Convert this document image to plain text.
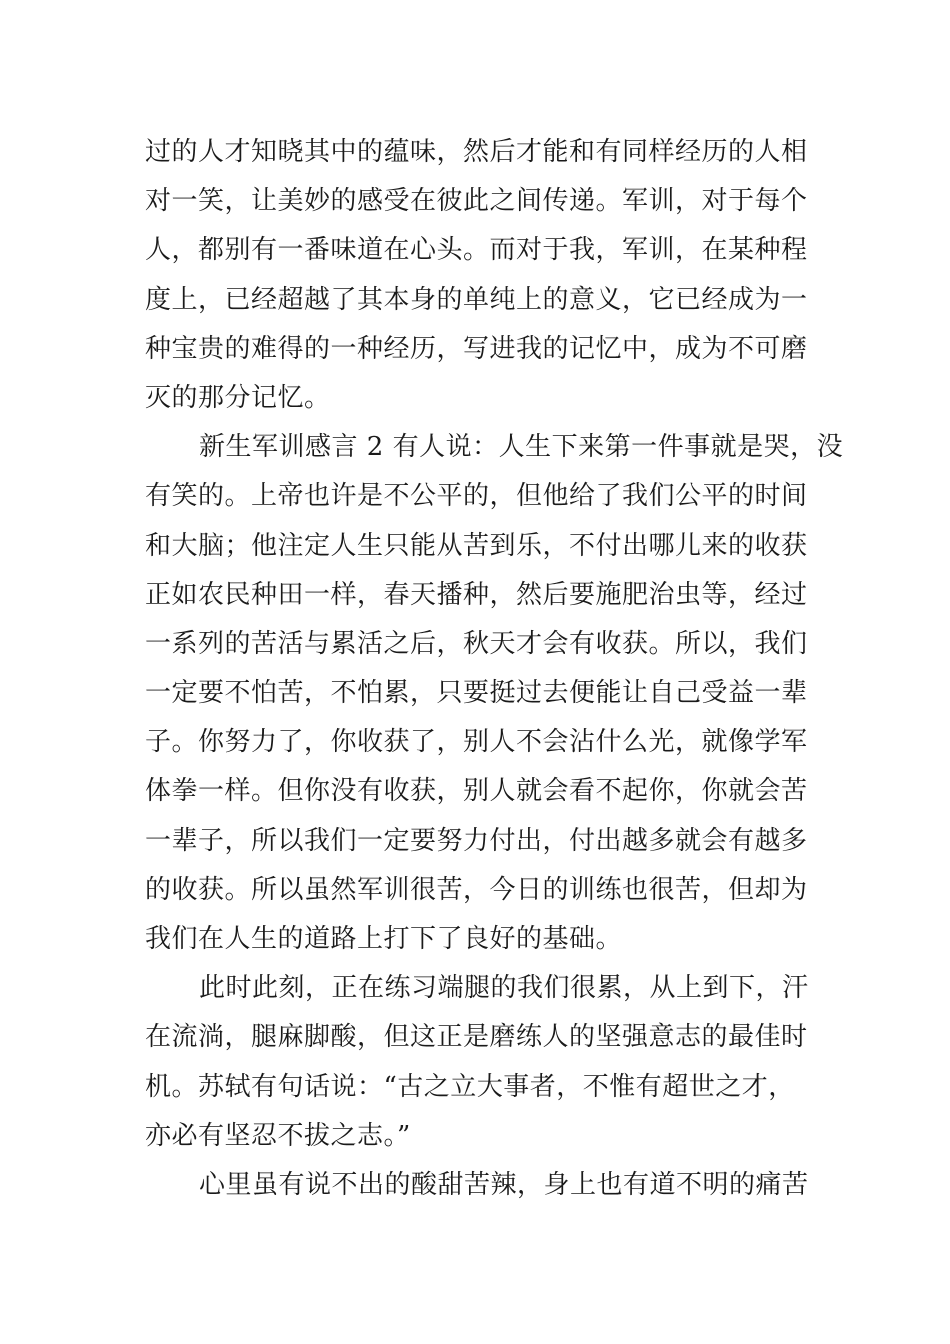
过的人才知晓其中的蕴味，然后才能和有同样经历的人相
对一笑，让美妙的感受在彼此之间传递。军训，对于每个
人，都别有一番味道在心头。而对于我，军训，在某种程
度上，已经超越了其本身的单纯上的意义，它已经成为一
种宝贵的难得的一种经历，写进我的记忆中，成为不可磨
灭的那分记忆。
新生军训感言 2 有人说：人生下来第一件事就是哭，没
有笑的。上帝也许是不公平的，但他给了我们公平的时间
和大脑；他注定人生只能从苦到乐，不付出哪儿来的收获
正如农民种田一样，春天播种，然后要施肥治虫等，经过
一系列的苦活与累活之后，秋天才会有收获。所以，我们
一定要不怕苦，不怕累，只要挺过去便能让自己受益一辈
子。你努力了，你收获了，别人不会沾什么光，就像学军
体拳一样。但你没有收获，别人就会看不起你，你就会苦
一辈子，所以我们一定要努力付出，付出越多就会有越多
的收获。所以虽然军训很苦，今日的训练也很苦，但却为
我们在人生的道路上打下了良好的基础。
此时此刻，正在练习端腿的我们很累，从上到下，汗
在流淌，腿麻脚酸，但这正是磨练人的坚强意志的最佳时
机。苏轼有句话说：“古之立大事者，不惟有超世之才，
亦必有坚忍不拔之志。”
心里虽有说不出的酸甜苦辣，身上也有道不明的痛苦
